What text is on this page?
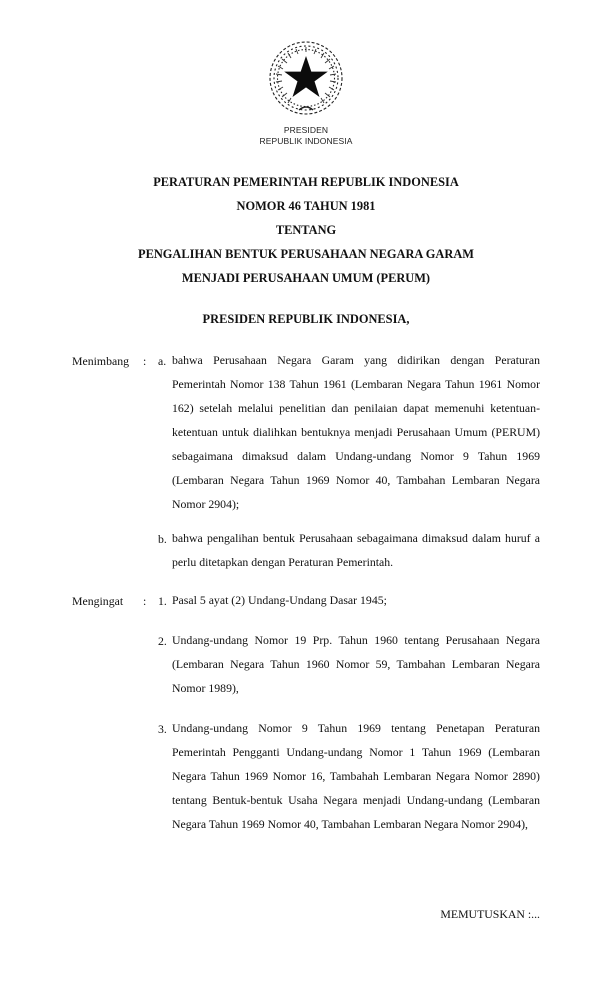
PRESIDEN
REPUBLIK INDONESIA
PERATURAN PEMERINTAH REPUBLIK INDONESIA
NOMOR 46 TAHUN 1981
TENTANG
PENGALIHAN BENTUK PERUSAHAAN NEGARA GARAM
MENJADI PERUSAHAAN UMUM (PERUM)
PRESIDEN REPUBLIK INDONESIA,
Menimbang : a. bahwa Perusahaan Negara Garam yang didirikan dengan Peraturan Pemerintah Nomor 138 Tahun 1961 (Lembaran Negara Tahun 1961 Nomor 162) setelah melalui penelitian dan penilaian dapat memenuhi ketentuan-ketentuan untuk dialihkan bentuknya menjadi Perusahaan Umum (PERUM) sebagaimana dimaksud dalam Undang-undang Nomor 9 Tahun 1969 (Lembaran Negara Tahun 1969 Nomor 40, Tambahan Lembaran Negara Nomor 2904);
b. bahwa pengalihan bentuk Perusahaan sebagaimana dimaksud dalam huruf a perlu ditetapkan dengan Peraturan Pemerintah.
Mengingat : 1. Pasal 5 ayat (2) Undang-Undang Dasar 1945;
2. Undang-undang Nomor 19 Prp. Tahun 1960 tentang Perusahaan Negara (Lembaran Negara Tahun 1960 Nomor 59, Tambahan Lembaran Negara Nomor 1989),
3. Undang-undang Nomor 9 Tahun 1969 tentang Penetapan Peraturan Pemerintah Pengganti Undang-undang Nomor 1 Tahun 1969 (Lembaran Negara Tahun 1969 Nomor 16, Tambahah Lembaran Negara Nomor 2890) tentang Bentuk-bentuk Usaha Negara menjadi Undang-undang (Lembaran Negara Tahun 1969 Nomor 40, Tambahan Lembaran Negara Nomor 2904),
MEMUTUSKAN :...
